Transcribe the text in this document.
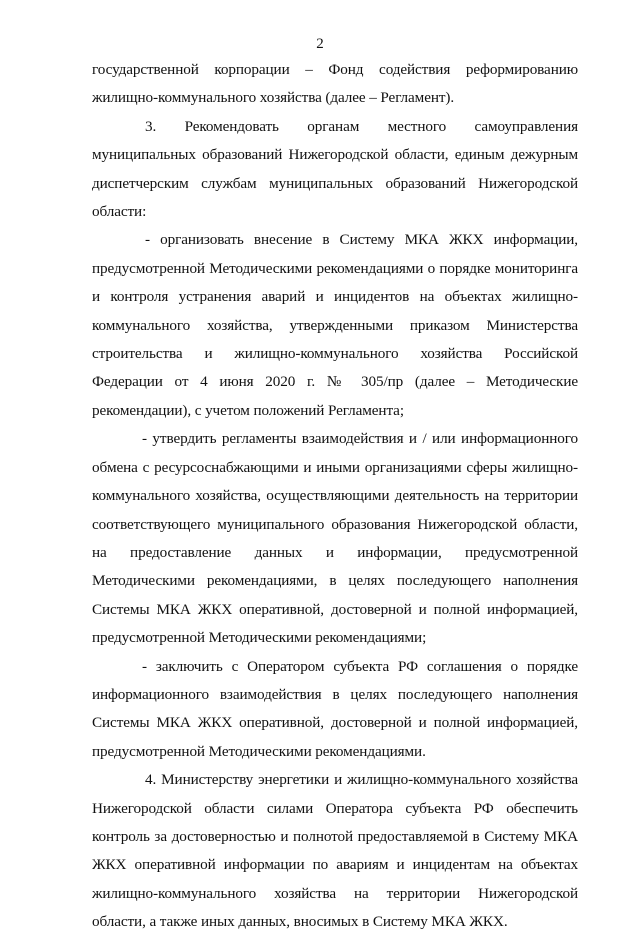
2

государственной корпорации – Фонд содействия реформированию жилищно-коммунального хозяйства (далее – Регламент).

3. Рекомендовать органам местного самоуправления муниципальных образований Нижегородской области, единым дежурным диспетчерским службам муниципальных образований Нижегородской области:

- организовать внесение в Систему МКА ЖКХ информации, предусмотренной Методическими рекомендациями о порядке мониторинга и контроля устранения аварий и инцидентов на объектах жилищно-коммунального хозяйства, утвержденными приказом Министерства строительства и жилищно-коммунального хозяйства Российской Федерации от 4 июня 2020 г. № 305/пр (далее – Методические рекомендации), с учетом положений Регламента;

- утвердить регламенты взаимодействия и / или информационного обмена с ресурсоснабжающими и иными организациями сферы жилищно-коммунального хозяйства, осуществляющими деятельность на территории соответствующего муниципального образования Нижегородской области, на предоставление данных и информации, предусмотренной Методическими рекомендациями, в целях последующего наполнения Системы МКА ЖКХ оперативной, достоверной и полной информацией, предусмотренной Методическими рекомендациями;

- заключить с Оператором субъекта РФ соглашения о порядке информационного взаимодействия в целях последующего наполнения Системы МКА ЖКХ оперативной, достоверной и полной информацией, предусмотренной Методическими рекомендациями.

4. Министерству энергетики и жилищно-коммунального хозяйства Нижегородской области силами Оператора субъекта РФ обеспечить контроль за достоверностью и полнотой предоставляемой в Систему МКА ЖКХ оперативной информации по авариям и инцидентам на объектах жилищно-коммунального хозяйства на территории Нижегородской области, а также иных данных, вносимых в Систему МКА ЖКХ.
